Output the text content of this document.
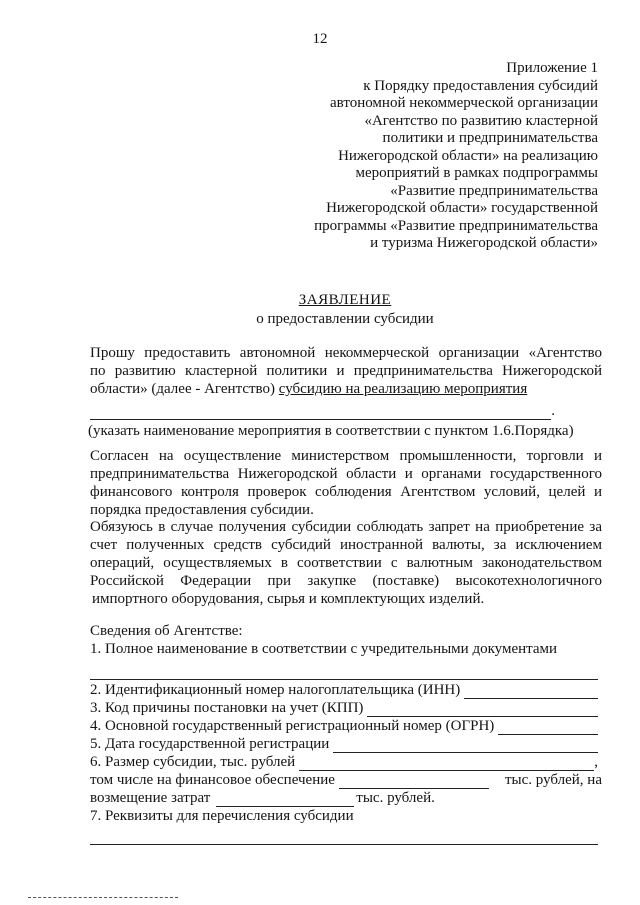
12
Приложение 1
к Порядку предоставления субсидий
автономной некоммерческой организации
«Агентство по развитию кластерной
политики и предпринимательства
Нижегородской области» на реализацию
мероприятий в рамках подпрограммы
«Развитие предпринимательства
Нижегородской области» государственной
программы «Развитие предпринимательства
и туризма Нижегородской области»
ЗАЯВЛЕНИЕ
о предоставлении субсидии
Прошу предоставить автономной некоммерческой организации «Агентство
по развитию кластерной политики и предпринимательства Нижегородской
области» (далее - Агентство) субсидию на реализацию мероприятия
.
(указать наименование мероприятия в соответствии с пунктом 1.6.Порядка)
Согласен на осуществление министерством промышленности, торговли и
предпринимательства Нижегородской области и органами государственного
финансового контроля проверок соблюдения Агентством условий, целей и
порядка предоставления субсидии.
Обязуюсь в случае получения субсидии соблюдать запрет на приобретение за
счет полученных средств субсидий иностранной валюты, за исключением
операций, осуществляемых в соответствии с валютным законодательством
Российской Федерации при закупке (поставке) высокотехнологичного
импортного оборудования, сырья и комплектующих изделий.
Сведения об Агентстве:
1. Полное наименование в соответствии с учредительными документами
2. Идентификационный номер налогоплательщика (ИНН)
3. Код причины постановки на учет (КПП)
4. Основной государственный регистрационный номер (ОГРН)
5. Дата государственной регистрации
6. Размер субсидии, тыс. рублей	,
том числе на финансовое обеспечение	тыс. рублей, на
возмещение затрат	тыс. рублей.
7. Реквизиты для перечисления субсидии
